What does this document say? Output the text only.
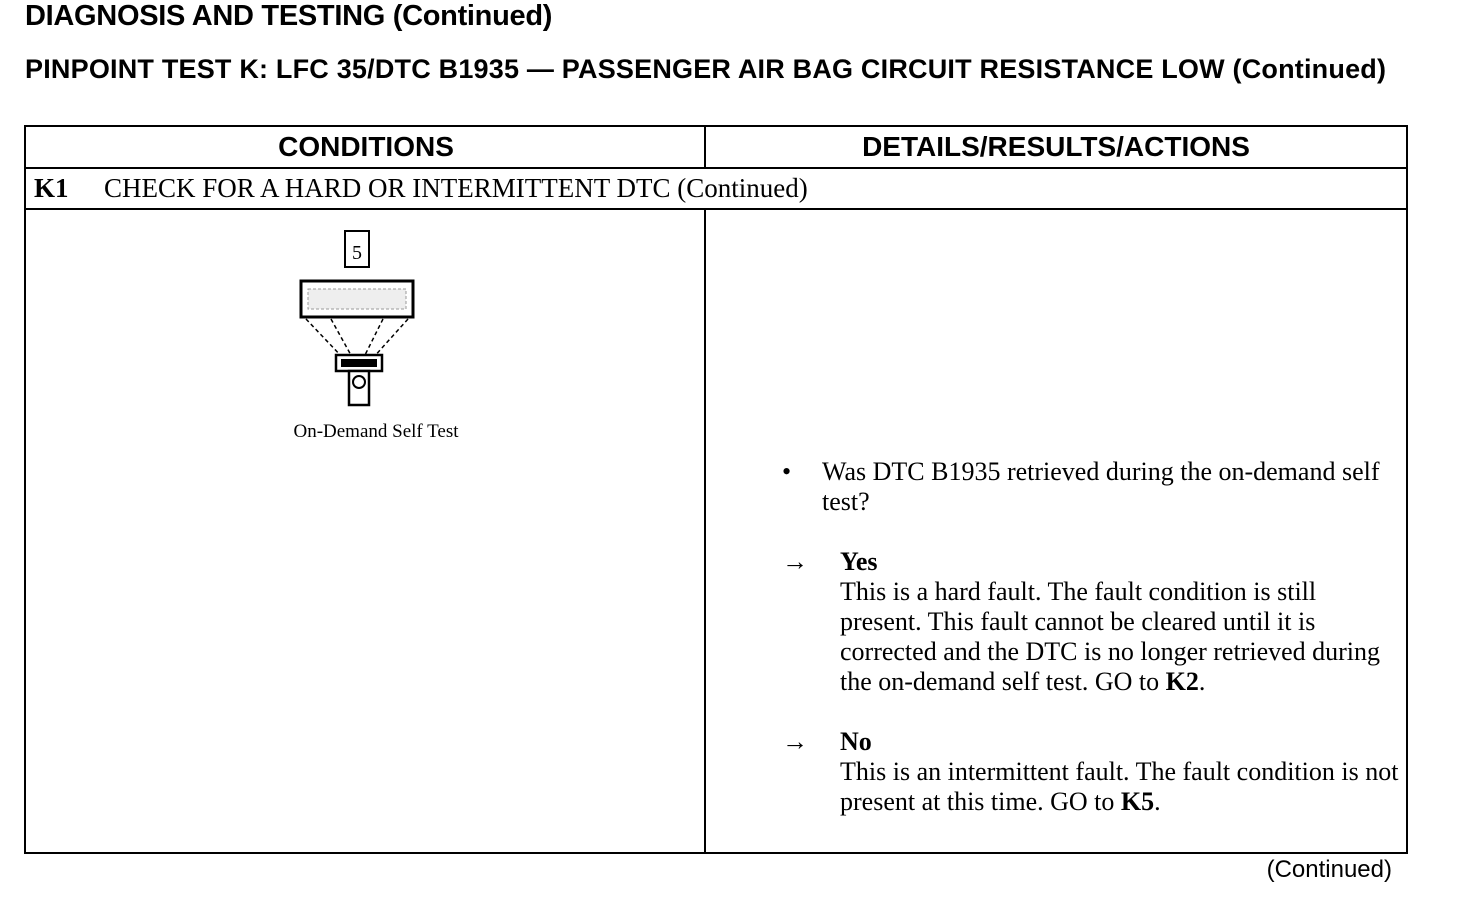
DIAGNOSIS AND TESTING (Continued)
PINPOINT TEST K: LFC 35/DTC B1935 — PASSENGER AIR BAG CIRCUIT RESISTANCE LOW (Continued)
CONDITIONS	DETAILS/RESULTS/ACTIONS
K1 CHECK FOR A HARD OR INTERMITTENT DTC (Continued)
5
On-Demand Self Test
• Was DTC B1935 retrieved during the on-demand self test?
→ Yes
This is a hard fault. The fault condition is still present. This fault cannot be cleared until it is corrected and the DTC is no longer retrieved during the on-demand self test. GO to K2.
→ No
This is an intermittent fault. The fault condition is not present at this time. GO to K5.
(Continued)
